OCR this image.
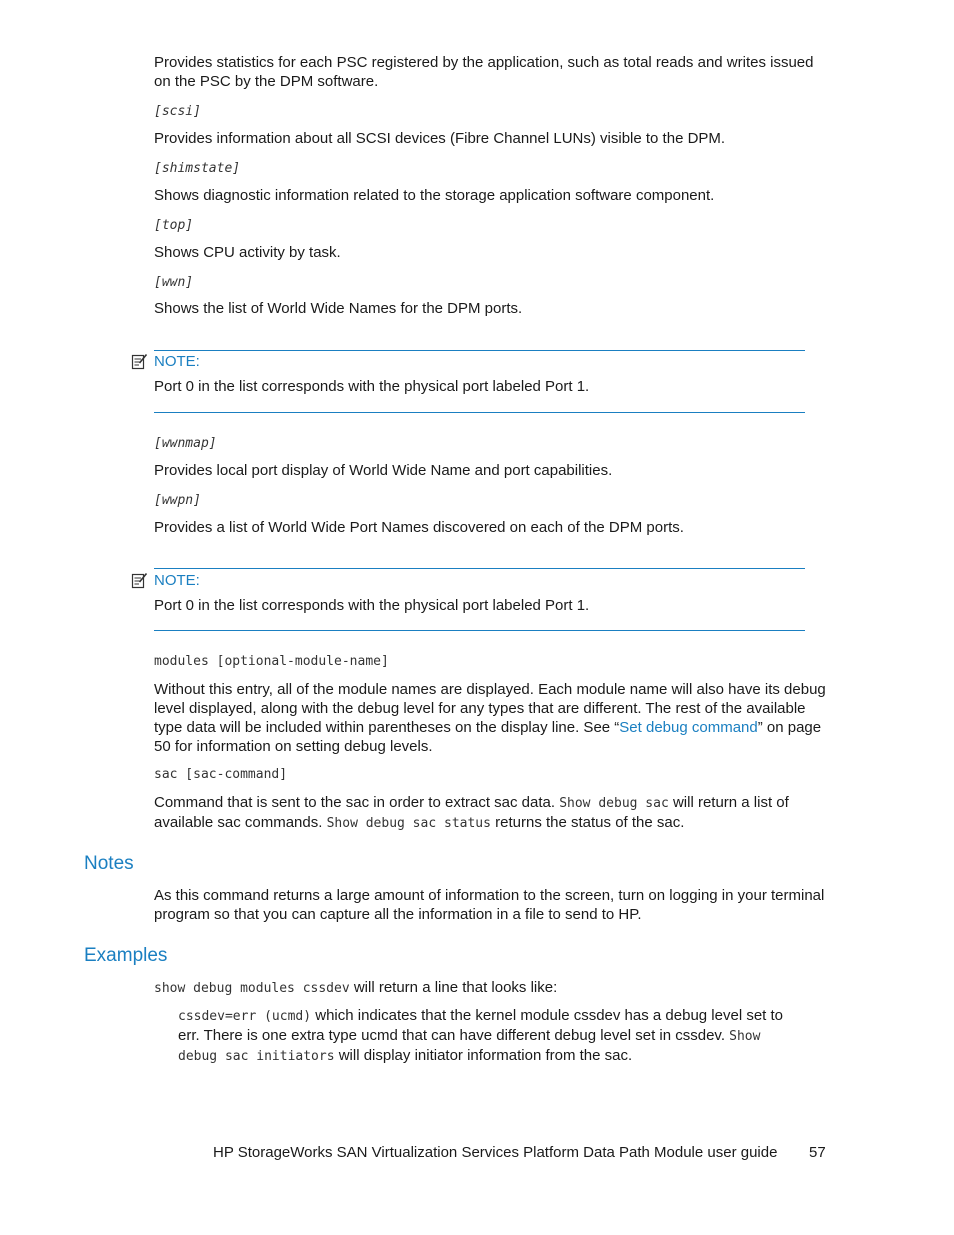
Provides statistics for each PSC registered by the application, such as total reads and writes issued on the PSC by the DPM software.

[scsi]

Provides information about all SCSI devices (Fibre Channel LUNs) visible to the DPM.

[shimstate]

Shows diagnostic information related to the storage application software component.

[top]

Shows CPU activity by task.

[wwn]

Shows the list of World Wide Names for the DPM ports.

NOTE:

Port 0 in the list corresponds with the physical port labeled Port 1.

[wwnmap]

Provides local port display of World Wide Name and port capabilities.

[wwpn]

Provides a list of World Wide Port Names discovered on each of the DPM ports.

NOTE:

Port 0 in the list corresponds with the physical port labeled Port 1.

modules [optional-module-name]

Without this entry, all of the module names are displayed. Each module name will also have its debug level displayed, along with the debug level for any types that are different. The rest of the available type data will be included within parentheses on the display line. See “Set debug command” on page 50 for information on setting debug levels.

sac [sac-command]

Command that is sent to the sac in order to extract sac data. Show debug sac will return a list of available sac commands. Show debug sac status returns the status of the sac.

Notes

As this command returns a large amount of information to the screen, turn on logging in your terminal program so that you can capture all the information in a file to send to HP.

Examples

show debug modules cssdev will return a line that looks like:

cssdev=err (ucmd) which indicates that the kernel module cssdev has a debug level set to err. There is one extra type ucmd that can have different debug level set in cssdev. Show debug sac initiators will display initiator information from the sac.

HP StorageWorks SAN Virtualization Services Platform Data Path Module user guide 57
